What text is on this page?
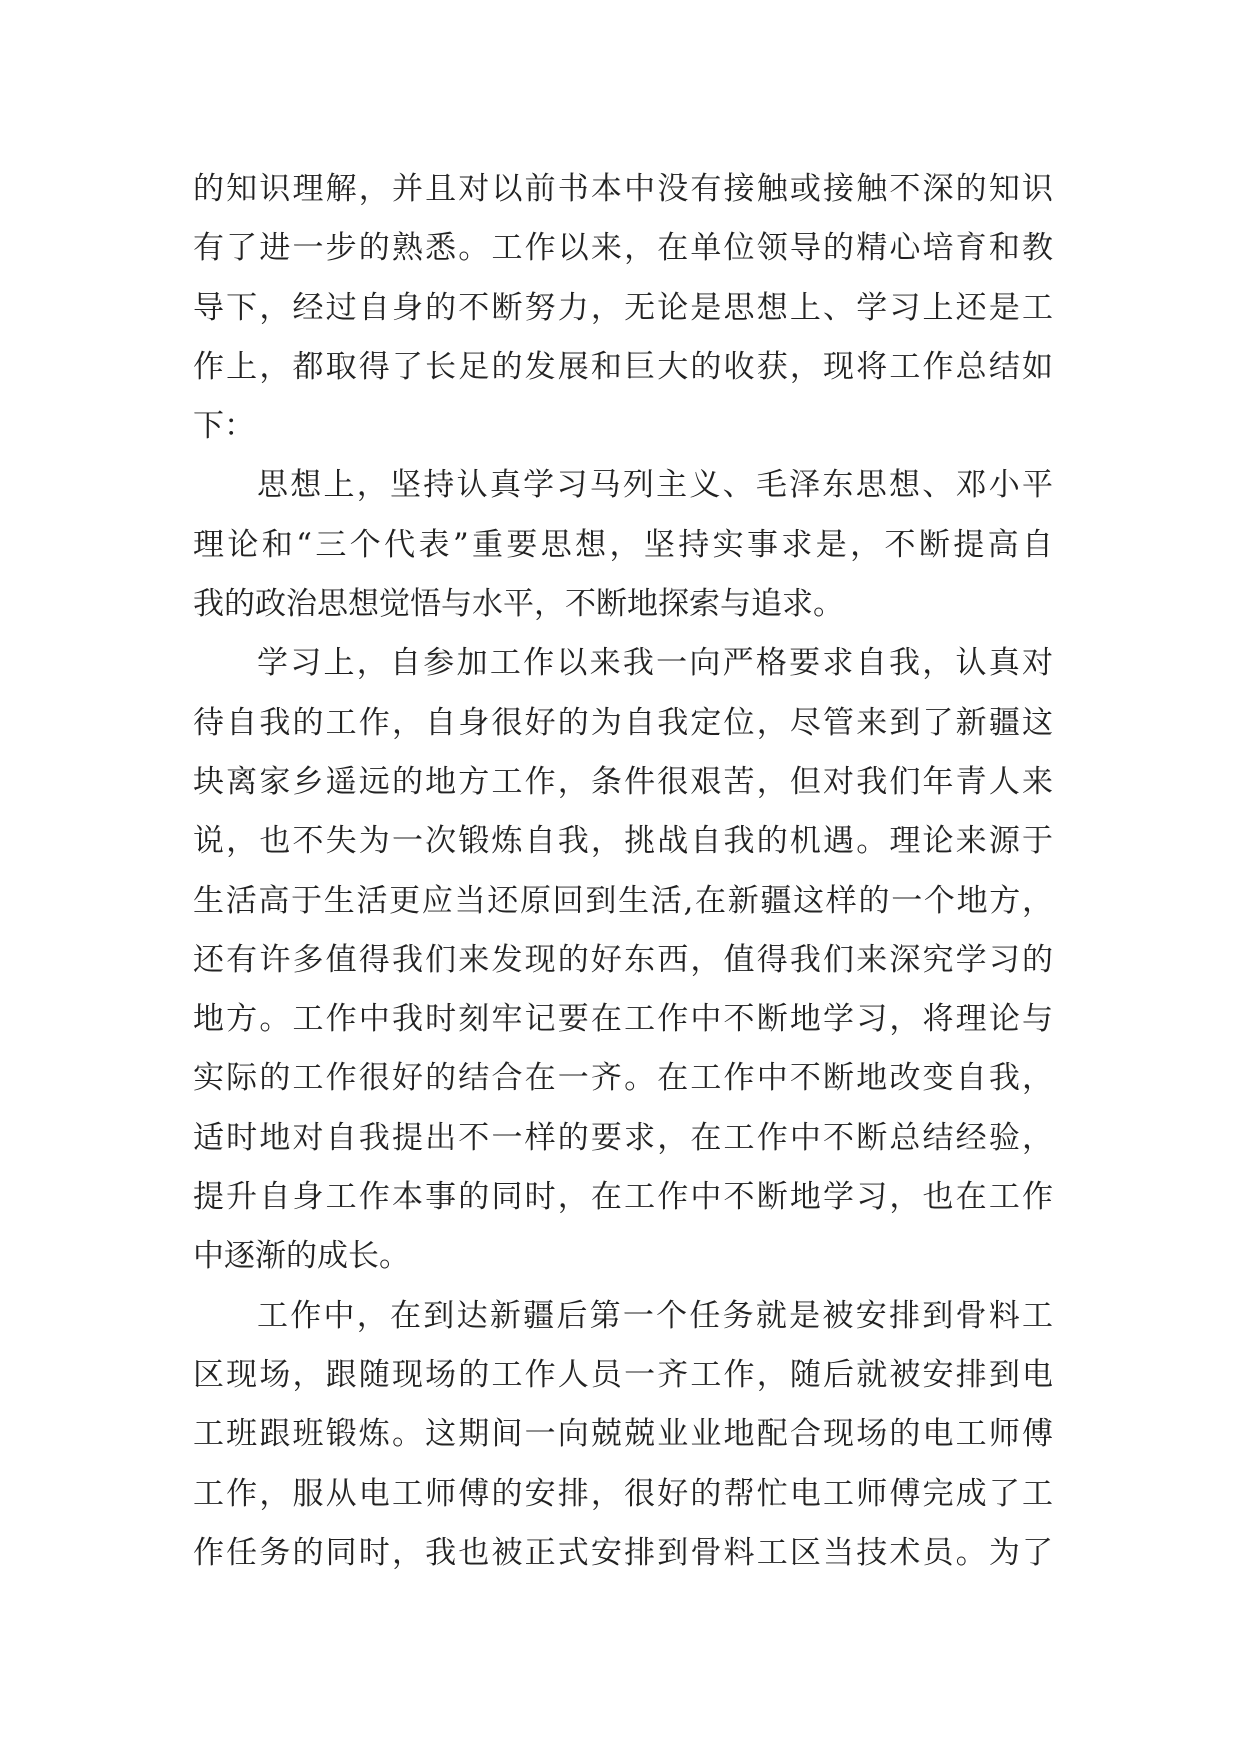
的知识理解，并且对以前书本中没有接触或接触不深的知识
有了进一步的熟悉。工作以来，在单位领导的精心培育和教
导下，经过自身的不断努力，无论是思想上、学习上还是工
作上，都取得了长足的发展和巨大的收获，现将工作总结如
下：
思想上，坚持认真学习马列主义、毛泽东思想、邓小平
理论和“三个代表”重要思想，坚持实事求是，不断提高自
我的政治思想觉悟与水平，不断地探索与追求。
学习上，自参加工作以来我一向严格要求自我，认真对
待自我的工作，自身很好的为自我定位，尽管来到了新疆这
块离家乡遥远的地方工作，条件很艰苦，但对我们年青人来
说，也不失为一次锻炼自我，挑战自我的机遇。理论来源于
生活高于生活更应当还原回到生活,在新疆这样的一个地方，
还有许多值得我们来发现的好东西，值得我们来深究学习的
地方。工作中我时刻牢记要在工作中不断地学习，将理论与
实际的工作很好的结合在一齐。在工作中不断地改变自我，
适时地对自我提出不一样的要求，在工作中不断总结经验，
提升自身工作本事的同时，在工作中不断地学习，也在工作
中逐渐的成长。
工作中，在到达新疆后第一个任务就是被安排到骨料工
区现场，跟随现场的工作人员一齐工作，随后就被安排到电
工班跟班锻炼。这期间一向兢兢业业地配合现场的电工师傅
工作，服从电工师傅的安排，很好的帮忙电工师傅完成了工
作任务的同时，我也被正式安排到骨料工区当技术员。为了
